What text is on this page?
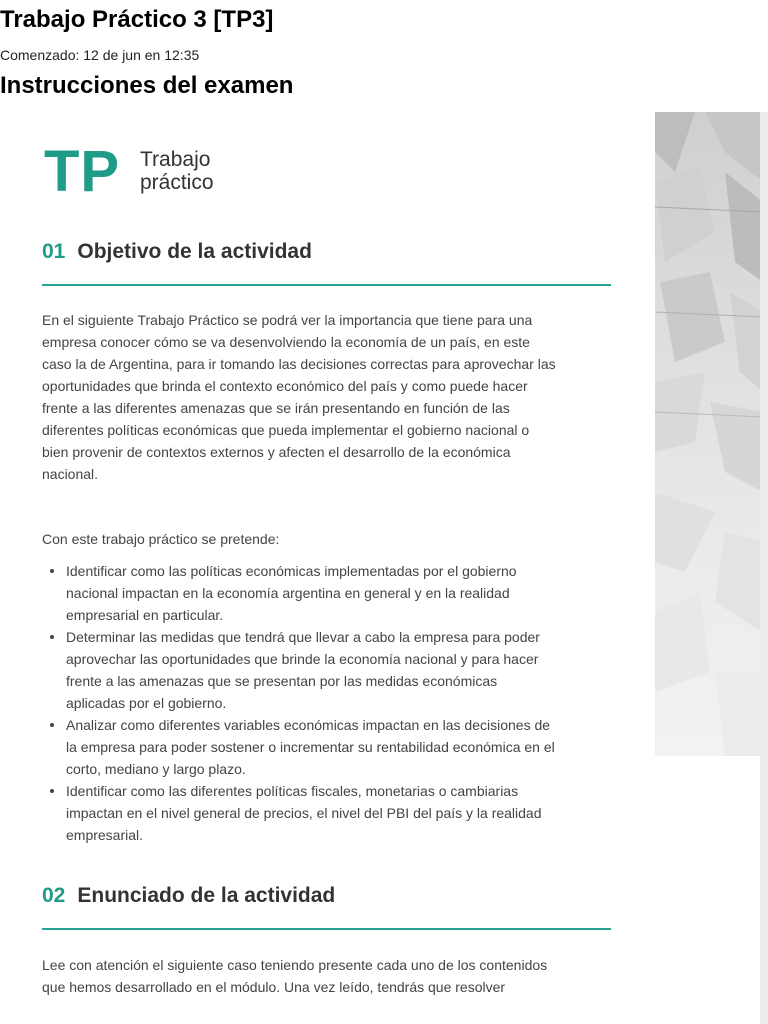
Trabajo Práctico 3 [TP3]

Comenzado: 12 de jun en 12:35

Instrucciones del examen
TP Trabajo
práctico
01 Objetivo de la actividad
En el siguiente Trabajo Práctico se podrá ver la importancia que tiene para una
empresa conocer cómo se va desenvolviendo la economía de un país, en este
caso la de Argentina, para ir tomando las decisiones correctas para aprovechar las
oportunidades que brinda el contexto económico del país y como puede hacer
frente a las diferentes amenazas que se irán presentando en función de las
diferentes políticas económicas que pueda implementar el gobierno nacional o
bien provenir de contextos externos y afecten el desarrollo de la económica
nacional.

Con este trabajo práctico se pretende:

Identificar como las políticas económicas implementadas por el gobierno
nacional impactan en la economía argentina en general y en la realidad
empresarial en particular.
Determinar las medidas que tendrá que llevar a cabo la empresa para poder
aprovechar las oportunidades que brinde la economía nacional y para hacer
frente a las amenazas que se presentan por las medidas económicas
aplicadas por el gobierno.
Analizar como diferentes variables económicas impactan en las decisiones de
la empresa para poder sostener o incrementar su rentabilidad económica en el
corto, mediano y largo plazo.
Identificar como las diferentes políticas fiscales, monetarias o cambiarias
impactan en el nivel general de precios, el nivel del PBI del país y la realidad
empresarial.
02 Enunciado de la actividad
Lee con atención el siguiente caso teniendo presente cada uno de los contenidos
que hemos desarrollado en el módulo. Una vez leído, tendrás que resolver
